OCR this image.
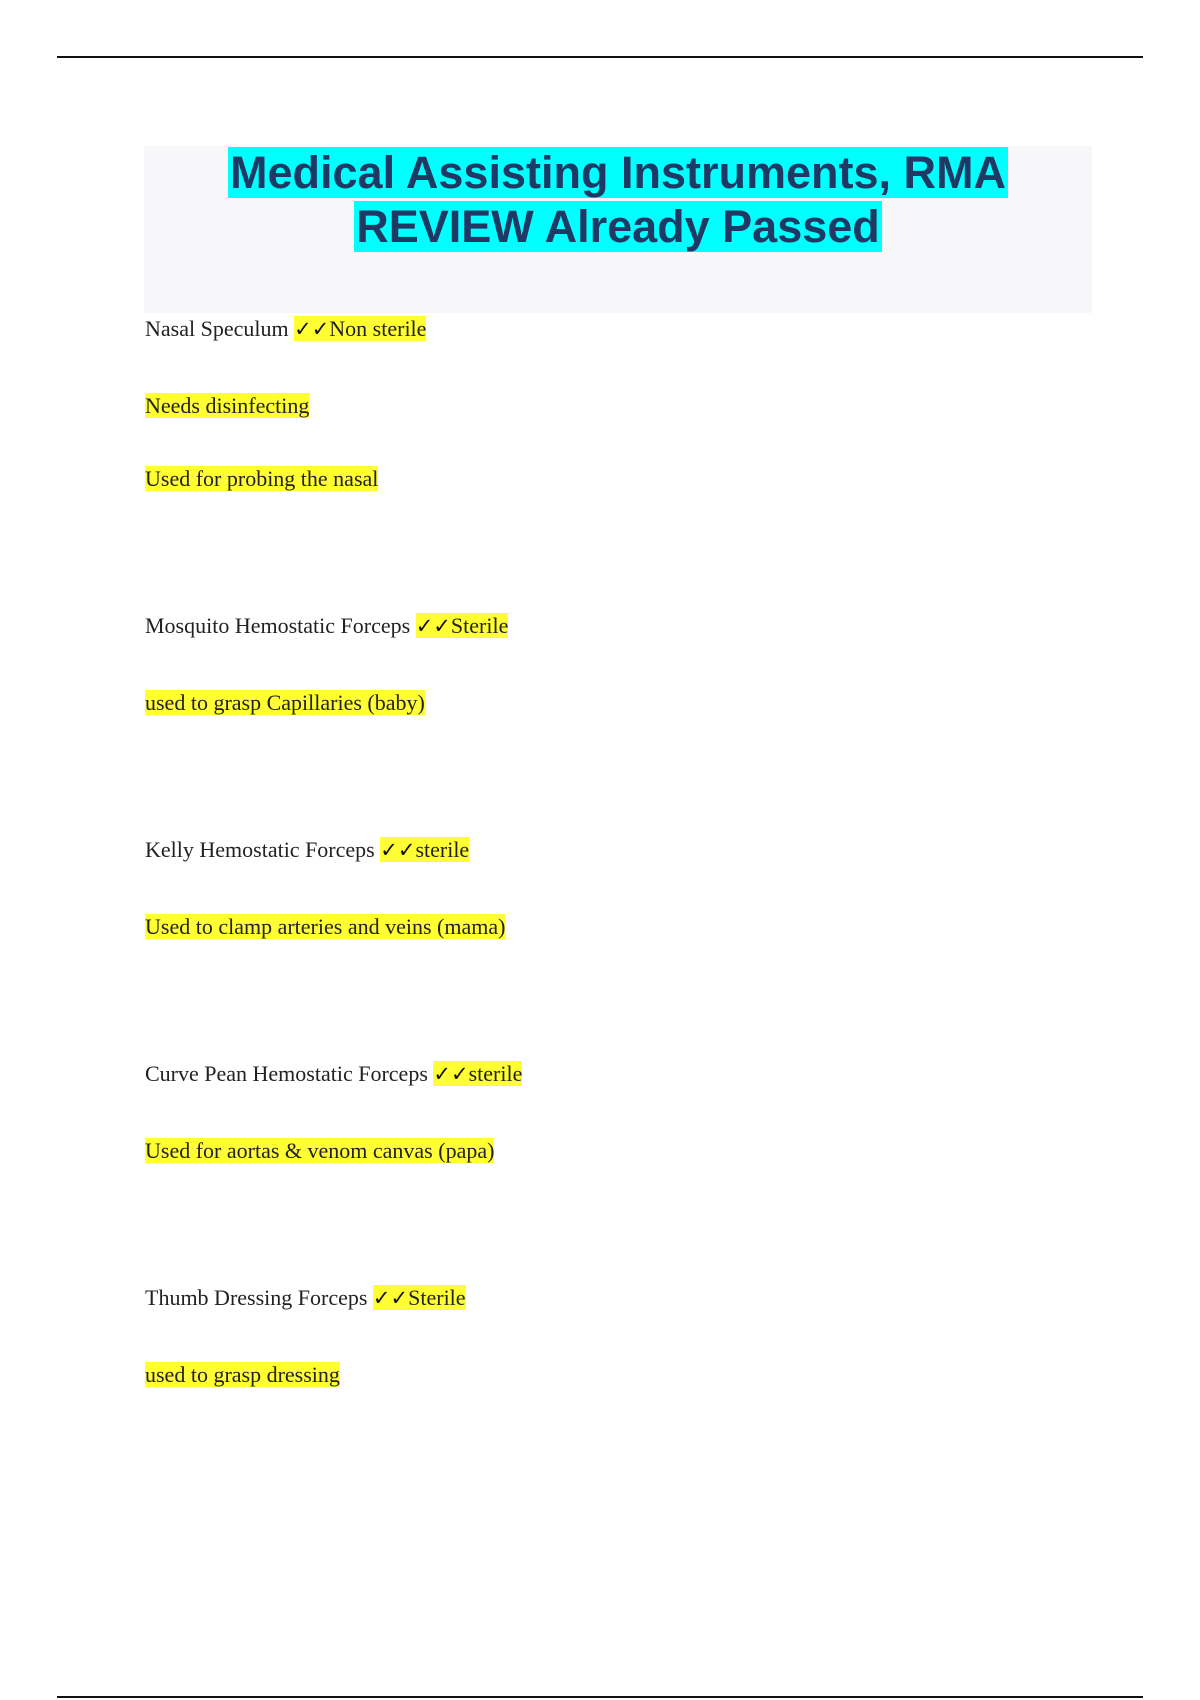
Medical Assisting Instruments, RMA
REVIEW Already Passed
Nasal Speculum ✓✓Non sterile
Needs disinfecting
Used for probing the nasal
Mosquito Hemostatic Forceps ✓✓Sterile
used to grasp Capillaries (baby)
Kelly Hemostatic Forceps ✓✓sterile
Used to clamp arteries and veins (mama)
Curve Pean Hemostatic Forceps ✓✓sterile
Used for aortas & venom canvas (papa)
Thumb Dressing Forceps ✓✓Sterile
used to grasp dressing
